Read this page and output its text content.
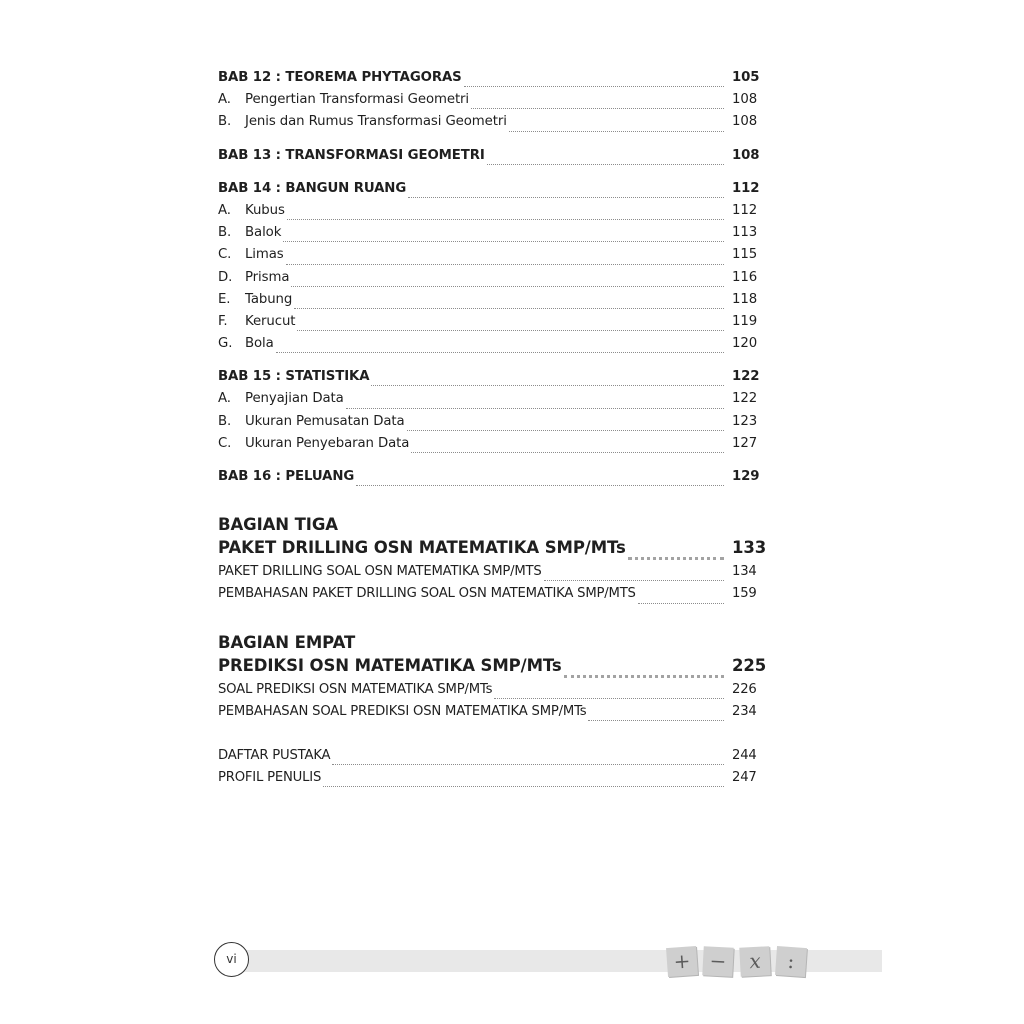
BAB 12 : TEOREMA PHYTAGORAS	105
A.	Pengertian Transformasi Geometri	108
B.	Jenis dan Rumus Transformasi Geometri	108
BAB 13 : TRANSFORMASI GEOMETRI	108
BAB 14 : BANGUN RUANG	112
A.	Kubus	112
B.	Balok	113
C.	Limas	115
D. Prisma	116
E.	Tabung	118
F.	Kerucut	119
G. Bola	120
BAB 15 : STATISTIKA	122
A.	Penyajian Data	122
B.	Ukuran Pemusatan Data	123
C.	Ukuran Penyebaran Data	127
BAB 16 : PELUANG	129
BAGIAN TIGA
PAKET DRILLING OSN MATEMATIKA SMP/MTs	133
PAKET DRILLING SOAL OSN MATEMATIKA SMP/MTS	134
PEMBAHASAN PAKET DRILLING SOAL OSN MATEMATIKA SMP/MTS	159
BAGIAN EMPAT
PREDIKSI OSN MATEMATIKA SMP/MTs	225
SOAL PREDIKSI OSN MATEMATIKA SMP/MTs	226
PEMBAHASAN SOAL PREDIKSI OSN MATEMATIKA SMP/MTs	234
DAFTAR PUSTAKA	244
PROFIL PENULIS	247
vi	+ −	x	:
